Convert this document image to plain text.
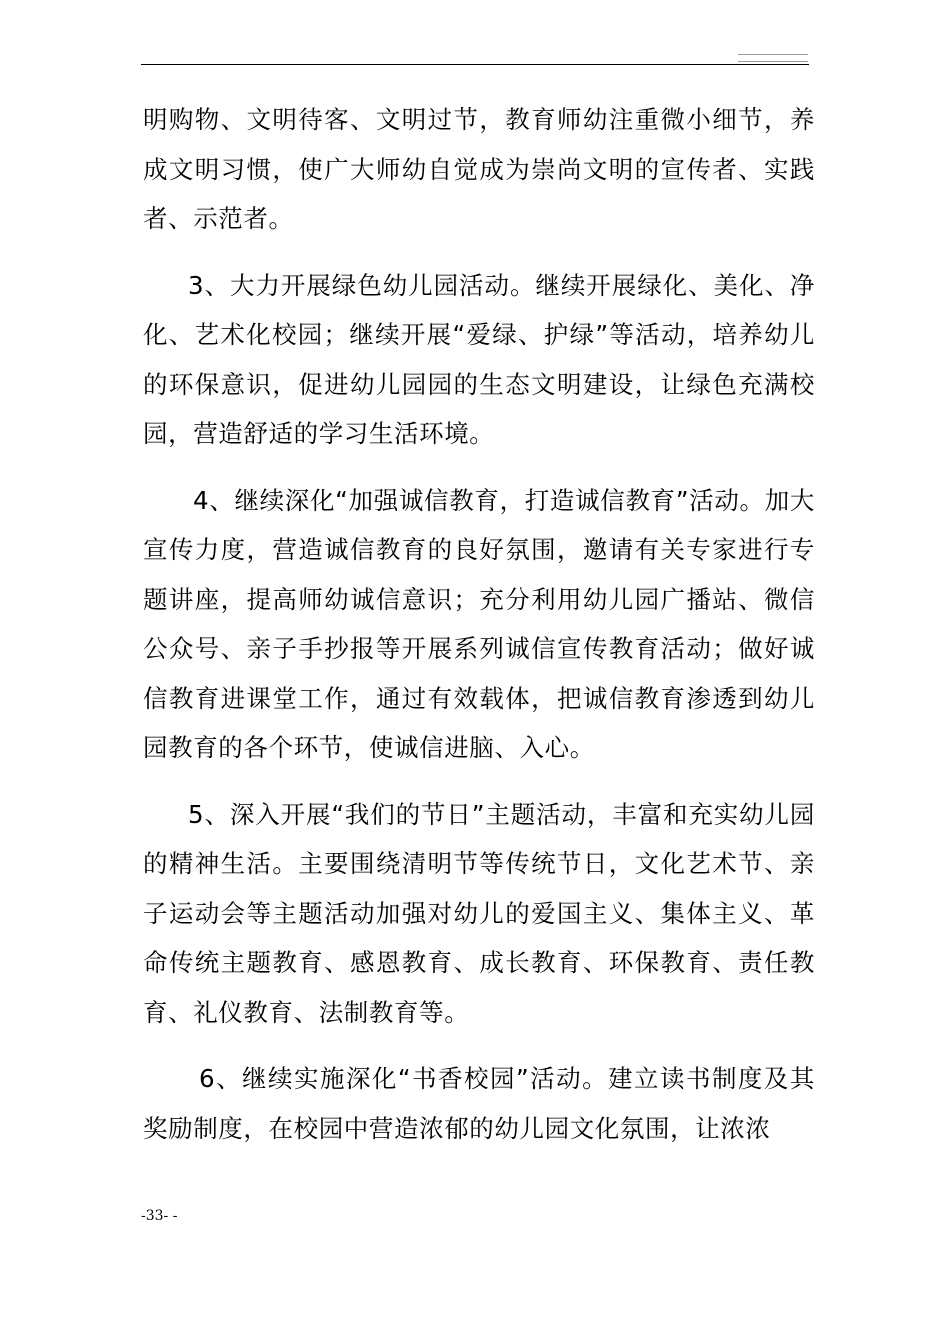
明购物、文明待客、文明过节，教育师幼注重微小细节，养成文明习惯，使广大师幼自觉成为崇尚文明的宣传者、实践者、示范者。

3、大力开展绿色幼儿园活动。继续开展绿化、美化、净化、艺术化校园；继续开展“爱绿、护绿”等活动，培养幼儿的环保意识，促进幼儿园园的生态文明建设，让绿色充满校园，营造舒适的学习生活环境。

4、继续深化“加强诚信教育，打造诚信教育”活动。加大宣传力度，营造诚信教育的良好氛围，邀请有关专家进行专题讲座，提高师幼诚信意识；充分利用幼儿园广播站、微信公众号、亲子手抄报等开展系列诚信宣传教育活动；做好诚信教育进课堂工作，通过有效载体，把诚信教育渗透到幼儿园教育的各个环节，使诚信进脑、入心。

5、深入开展“我们的节日”主题活动，丰富和充实幼儿园的精神生活。主要围绕清明节等传统节日，文化艺术节、亲子运动会等主题活动加强对幼儿的爱国主义、集体主义、革命传统主题教育、感恩教育、成长教育、环保教育、责任教育、礼仪教育、法制教育等。

6、继续实施深化“书香校园”活动。建立读书制度及其奖励制度，在校园中营造浓郁的幼儿园文化氛围，让浓浓

-33- -
